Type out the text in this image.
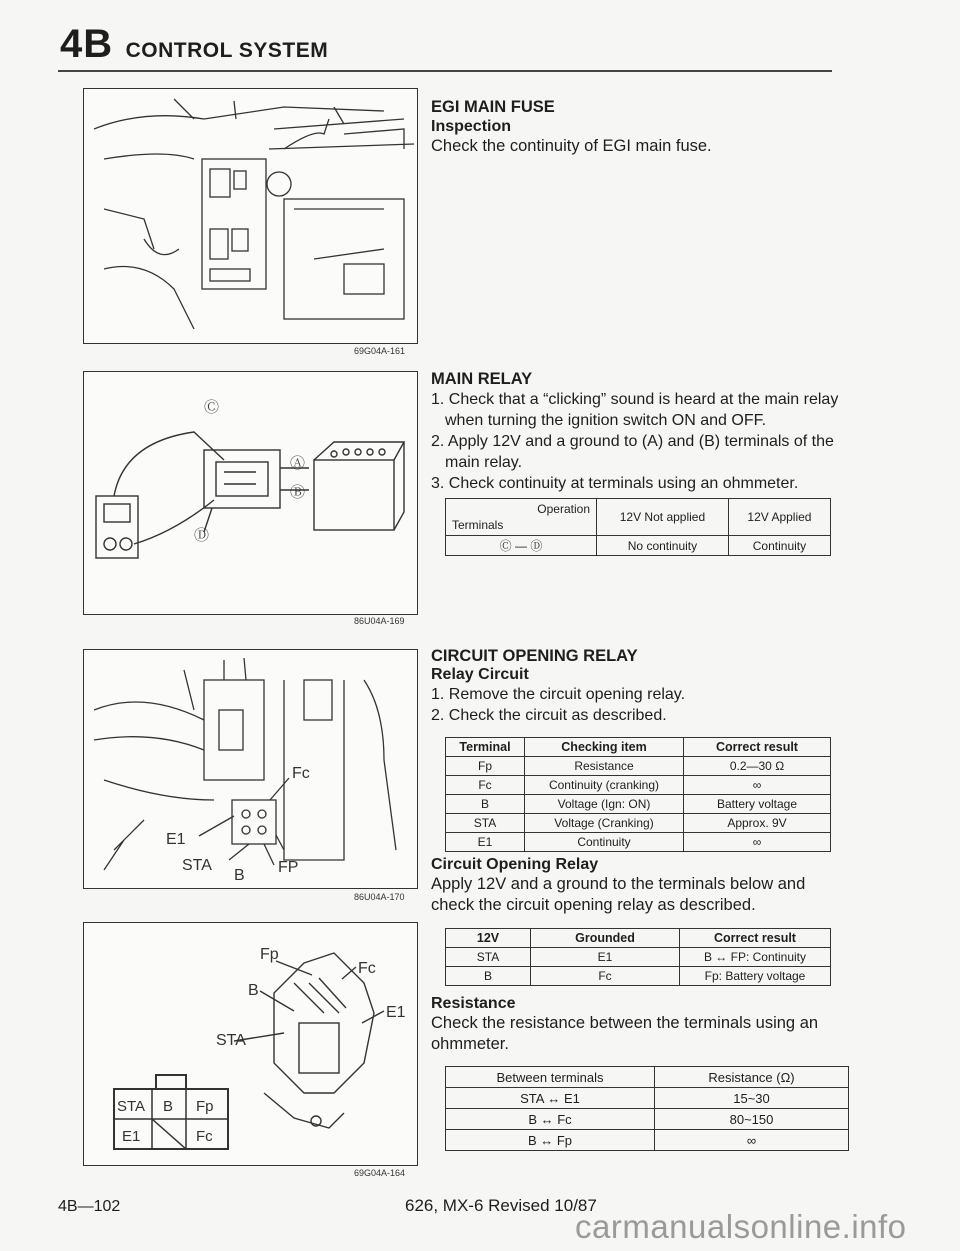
4B CONTROL SYSTEM
69G04A-161
Ⓒ
Ⓐ
Ⓑ
Ⓓ
86U04A-169
Fc
E1
STA
B FP
86U04A-170
Fp
Fc
B
E1
STA
STA B Fp
E1	Fc
69G04A-164
EGI MAIN FUSE
Inspection
Check the continuity of EGI main fuse.
MAIN RELAY
1. Check that a “clicking” sound is heard at the main relay when turning the ignition switch ON and OFF.
2. Apply 12V and a ground to (A) and (B) terminals of the main relay.
3. Check continuity at terminals using an ohmmeter.
Operation
Terminals	12V Not applied	12V Applied
Ⓒ — Ⓓ	No continuity	Continuity
CIRCUIT OPENING RELAY
Relay Circuit
1. Remove the circuit opening relay.
2. Check the circuit as described.
Terminal	Checking item	Correct result
Fp	Resistance	0.2—30 Ω
Fc	Continuity (cranking)	∞
B	Voltage (Ign: ON)	Battery voltage
STA	Voltage (Cranking)	Approx. 9V
E1	Continuity	∞
Circuit Opening Relay
Apply 12V and a ground to the terminals below and check the circuit opening relay as described.
12V	Grounded	Correct result
STA	E1	B ↔ FP: Continuity
B	Fc	Fp: Battery voltage
Resistance
Check the resistance between the terminals using an ohmmeter.
Between terminals	Resistance (Ω)
STA ↔ E1	15~30
B ↔ Fc	80~150
B ↔ Fp	∞
4B—102	626, MX-6 Revised 10/87
carmanualsonline.info
